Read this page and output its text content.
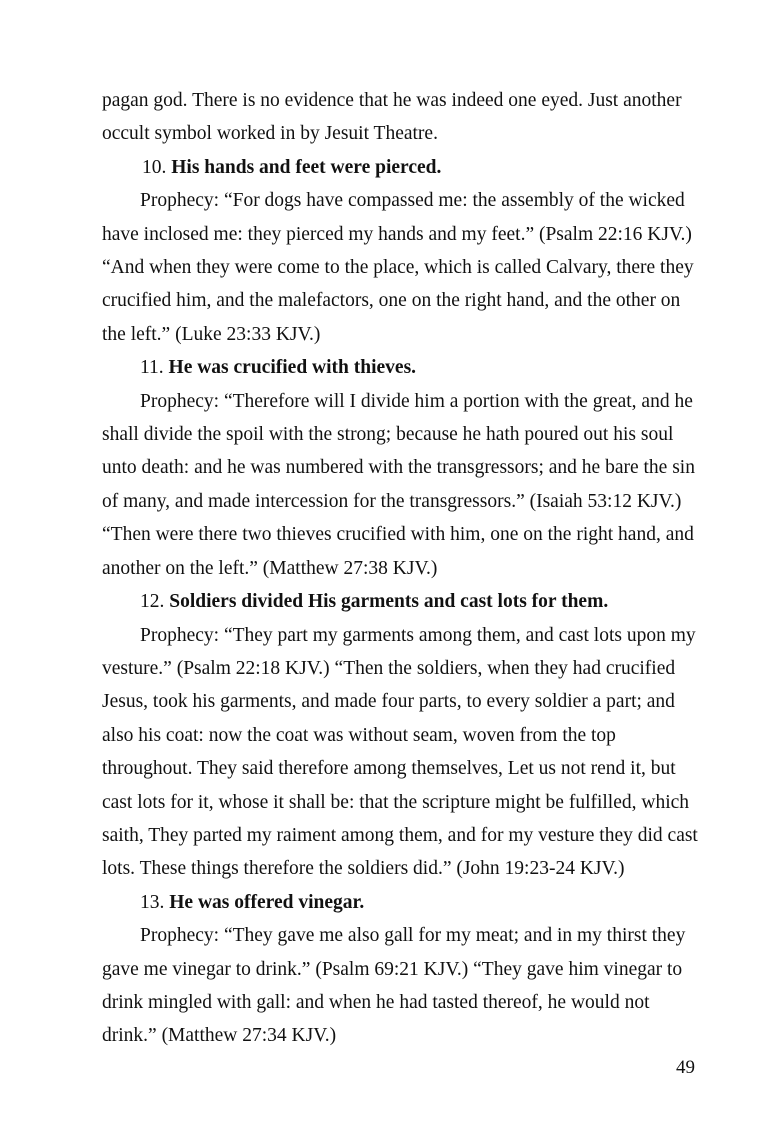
pagan god. There is no evidence that he was indeed one eyed. Just another
occult symbol worked in by Jesuit Theatre.
10. His hands and feet were pierced.
Prophecy: “For dogs have compassed me: the assembly of the wicked
have inclosed me: they pierced my hands and my feet.” (Psalm 22:16 KJV.)
“And when they were come to the place, which is called Calvary, there they
crucified him, and the malefactors, one on the right hand, and the other on
the left.” (Luke 23:33 KJV.)
11. He was crucified with thieves.
Prophecy: “Therefore will I divide him a portion with the great, and he
shall divide the spoil with the strong; because he hath poured out his soul
unto death: and he was numbered with the transgressors; and he bare the sin
of many, and made intercession for the transgressors.” (Isaiah 53:12 KJV.)
“Then were there two thieves crucified with him, one on the right hand, and
another on the left.” (Matthew 27:38 KJV.)
12. Soldiers divided His garments and cast lots for them.
Prophecy: “They part my garments among them, and cast lots upon my
vesture.” (Psalm 22:18 KJV.) “Then the soldiers, when they had crucified
Jesus, took his garments, and made four parts, to every soldier a part; and
also his coat: now the coat was without seam, woven from the top
throughout. They said therefore among themselves, Let us not rend it, but
cast lots for it, whose it shall be: that the scripture might be fulfilled, which
saith, They parted my raiment among them, and for my vesture they did cast
lots. These things therefore the soldiers did.” (John 19:23-24 KJV.)
13. He was offered vinegar.
Prophecy: “They gave me also gall for my meat; and in my thirst they
gave me vinegar to drink.” (Psalm 69:21 KJV.) “They gave him vinegar to
drink mingled with gall: and when he had tasted thereof, he would not
drink.” (Matthew 27:34 KJV.)
49
